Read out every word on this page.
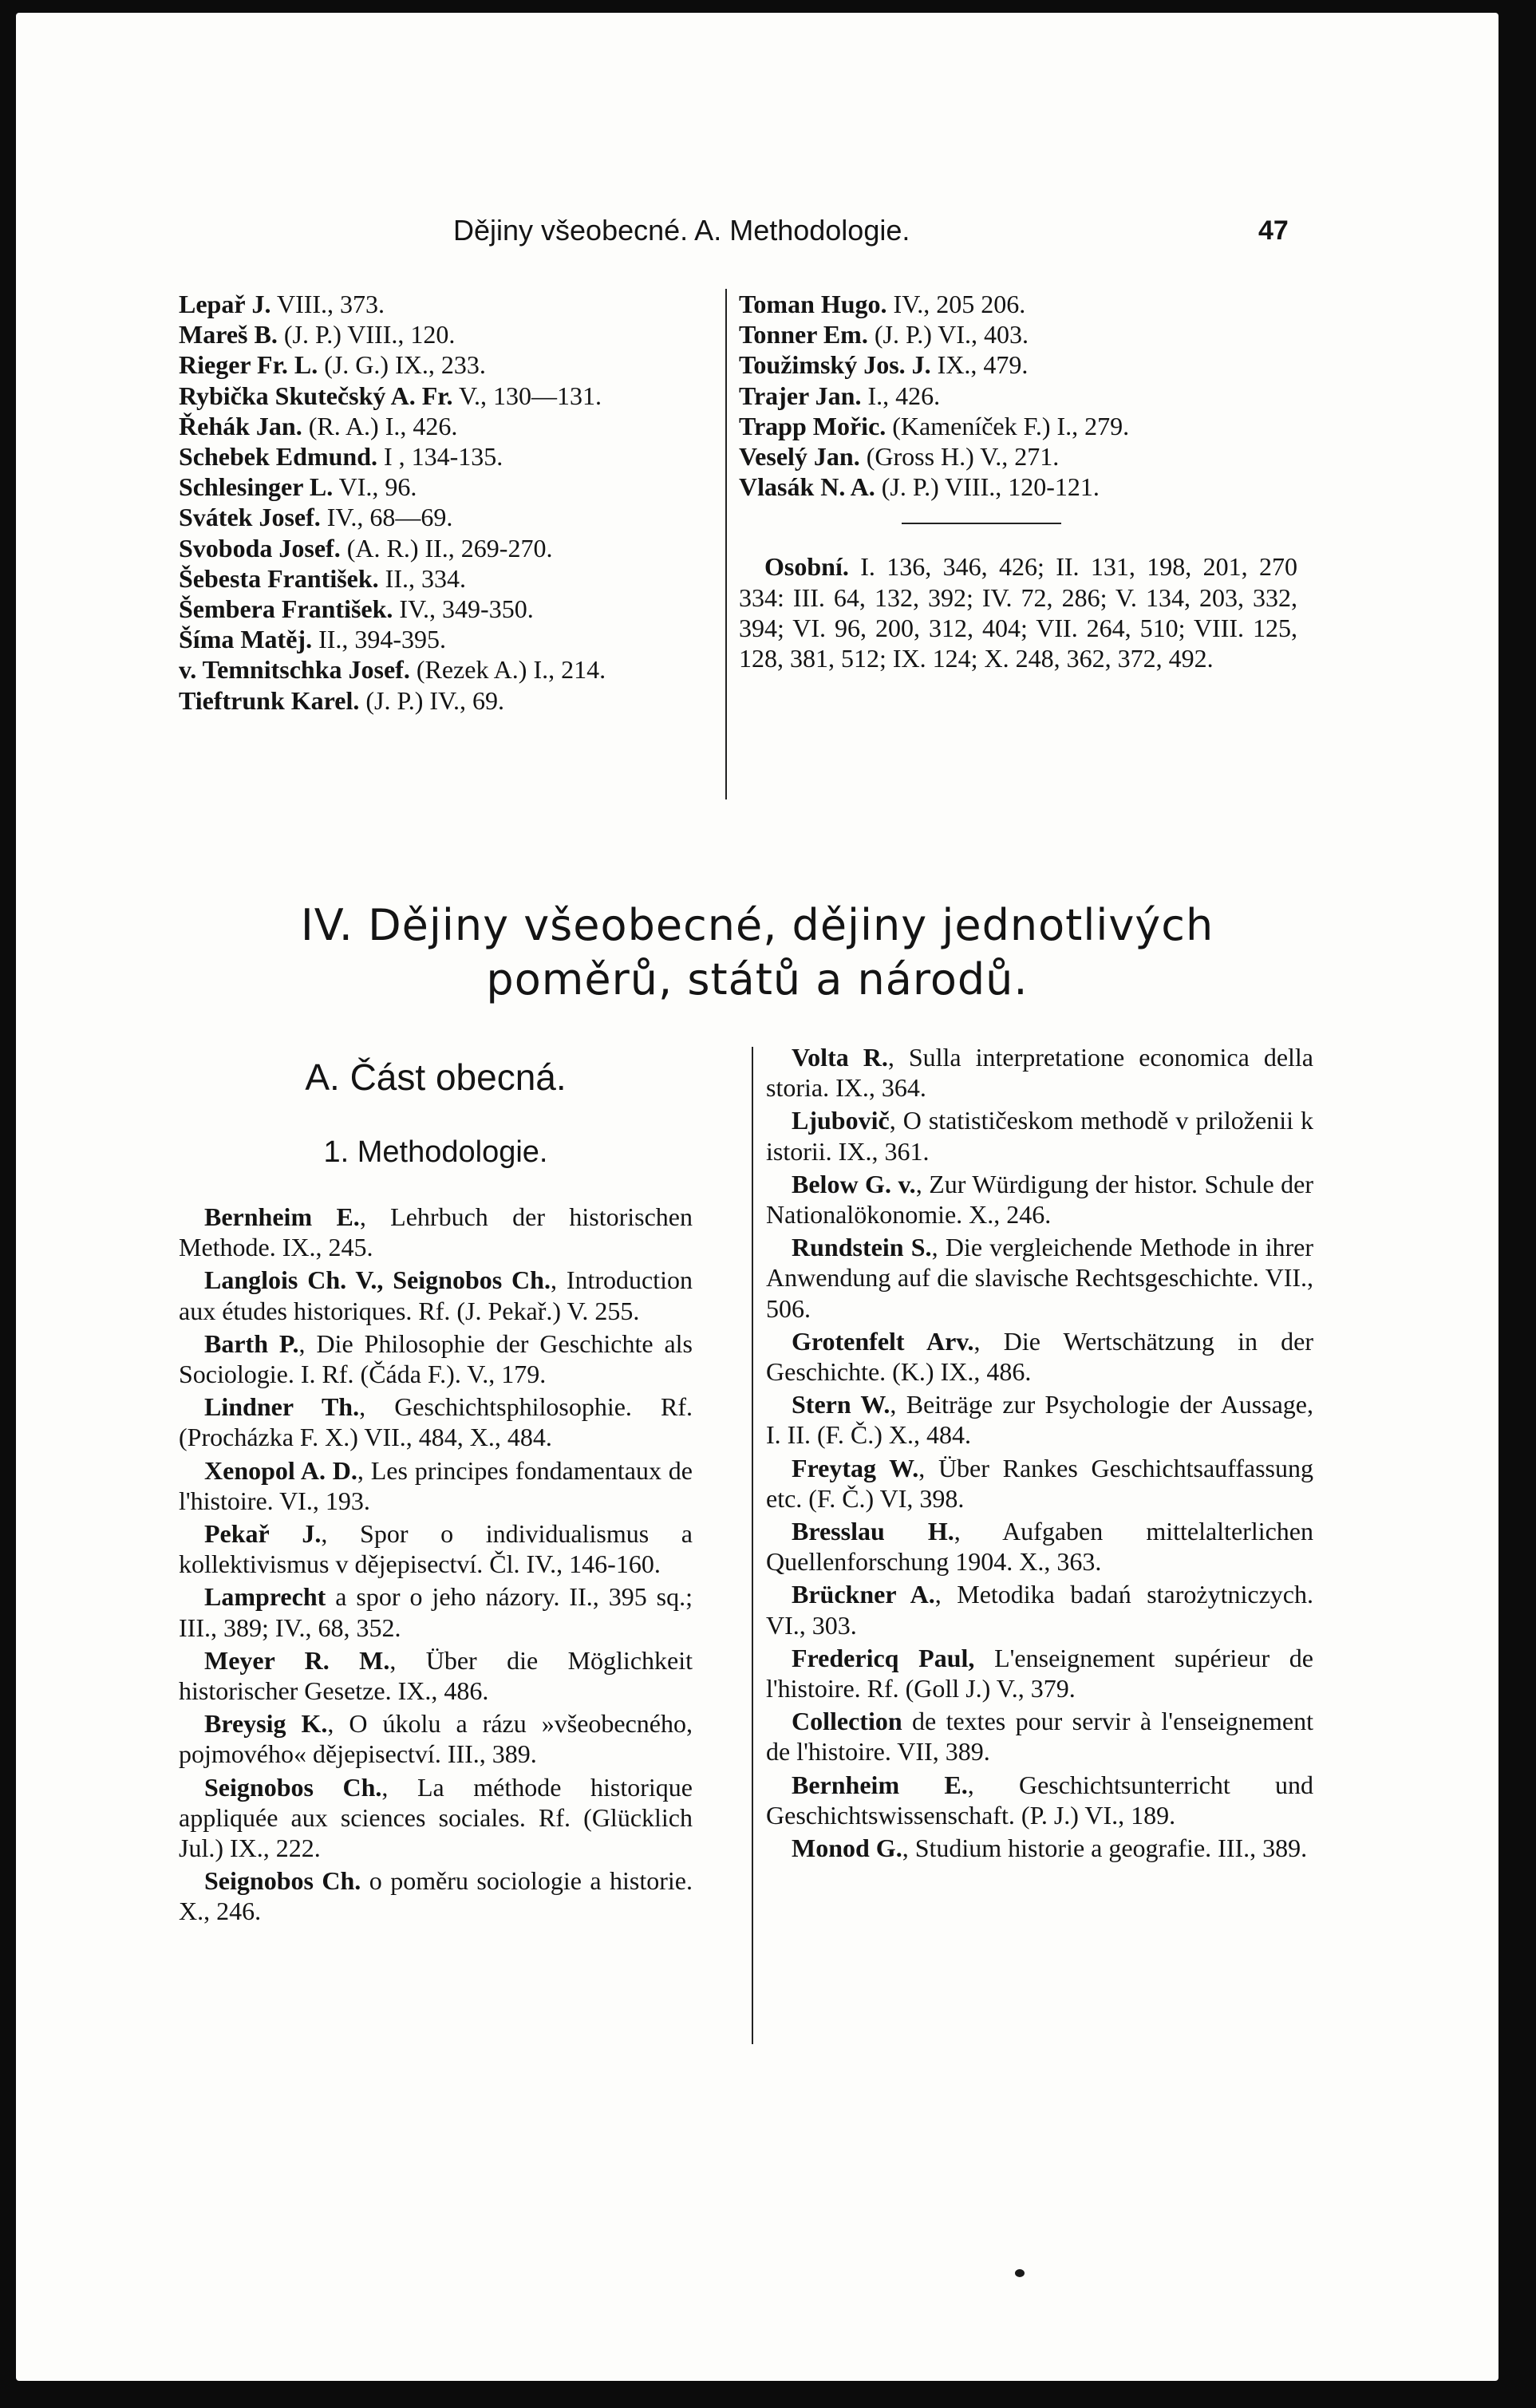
Dějiny všeobecné. A. Methodologie.	47

Lepař J. VIII., 373.

Mareš B. (J. P.) VIII., 120.

Rieger Fr. L. (J. G.) IX., 233.

Rybička Skutečský A. Fr. V., 130—131.

Řehák Jan. (R. A.) I., 426.

Schebek Edmund. I , 134-135.

Schlesinger L. VI., 96.

Svátek Josef. IV., 68—69.

Svoboda Josef. (A. R.) II., 269-270.

Šebesta František. II., 334.

Šembera František. IV., 349-350.

Šíma Matěj. II., 394-395.

v. Temnitschka Josef. (Rezek A.) I., 214.

Tieftrunk Karel. (J. P.) IV., 69.

Toman Hugo. IV., 205 206.

Tonner Em. (J. P.) VI., 403.

Toužimský Jos. J. IX., 479.

Trajer Jan. I., 426.

Trapp Mořic. (Kameníček F.) I., 279.

Veselý Jan. (Gross H.) V., 271.

Vlasák N. A. (J. P.) VIII., 120-121.

Osobní. I. 136, 346, 426; II. 131, 198, 201, 270 334: III. 64, 132, 392; IV. 72, 286; V. 134, 203, 332, 394; VI. 96, 200, 312, 404; VII. 264, 510; VIII. 125, 128, 381, 512; IX. 124; X. 248, 362, 372, 492.

IV. Dějiny všeobecné, dějiny jednotlivých
poměrů, států a národů.
A. Část obecná.
1. Methodologie.

Bernheim E., Lehrbuch der historischen Methode. IX., 245.

Langlois Ch. V., Seignobos Ch., Introduction aux études historiques. Rf. (J. Pekař.) V. 255.

Barth P., Die Philosophie der Geschichte als Sociologie. I. Rf. (Čáda F.). V., 179.

Lindner Th., Geschichtsphilosophie. Rf. (Procházka F. X.) VII., 484, X., 484.

Xenopol A. D., Les principes fondamentaux de l'histoire. VI., 193.

Pekař J., Spor o individualismus a kollektivismus v dějepisectví. Čl. IV., 146-160.

Lamprecht a spor o jeho názory. II., 395 sq.; III., 389; IV., 68, 352.

Meyer R. M., Über die Möglichkeit historischer Gesetze. IX., 486.

Breysig K., O úkolu a rázu »všeobecného, pojmového« dějepisectví. III., 389.

Seignobos Ch., La méthode historique appliquée aux sciences sociales. Rf. (Glücklich Jul.) IX., 222.

Seignobos Ch. o poměru sociologie a historie. X., 246.

Volta R., Sulla interpretatione economica della storia. IX., 364.

Ljubovič, O statističeskom methodě v priloženii k istorii. IX., 361.

Below G. v., Zur Würdigung der histor. Schule der Nationalökonomie. X., 246.

Rundstein S., Die vergleichende Methode in ihrer Anwendung auf die slavische Rechtsgeschichte. VII., 506.

Grotenfelt Arv., Die Wertschätzung in der Geschichte. (K.) IX., 486.

Stern W., Beiträge zur Psychologie der Aussage, I. II. (F. Č.) X., 484.

Freytag W., Über Rankes Geschichtsauffassung etc. (F. Č.) VI, 398.

Bresslau H., Aufgaben mittelalterlichen Quellenforschung 1904. X., 363.

Brückner A., Metodika badań starożytniczych. VI., 303.

Fredericq Paul, L'enseignement supérieur de l'histoire. Rf. (Goll J.) V., 379.

Collection de textes pour servir à l'enseignement de l'histoire. VII, 389.

Bernheim E., Geschichtsunterricht und Geschichtswissenschaft. (P. J.) VI., 189.

Monod G., Studium historie a geografie. III., 389.
